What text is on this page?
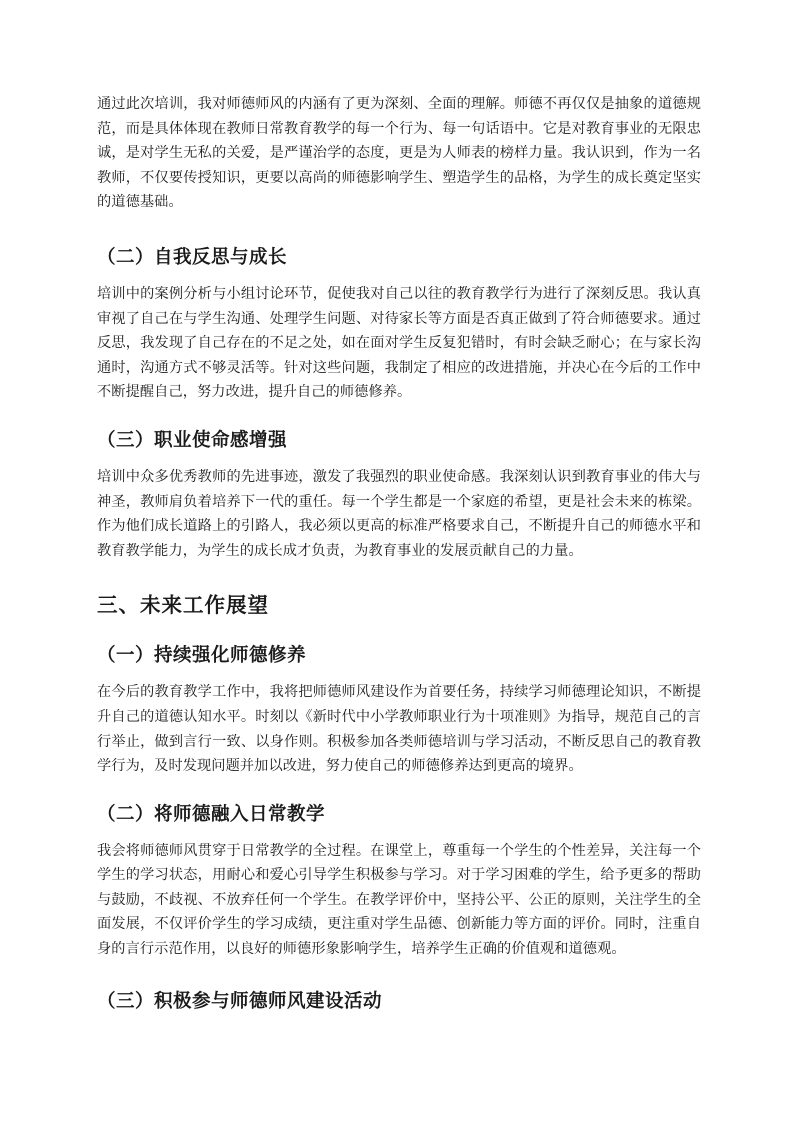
通过此次培训，我对师德师风的内涵有了更为深刻、全面的理解。师德不再仅仅是抽象的道德规范，而是具体体现在教师日常教育教学的每一个行为、每一句话语中。它是对教育事业的无限忠诚，是对学生无私的关爱，是严谨治学的态度，更是为人师表的榜样力量。我认识到，作为一名教师，不仅要传授知识，更要以高尚的师德影响学生、塑造学生的品格，为学生的成长奠定坚实的道德基础。

（二）自我反思与成长

培训中的案例分析与小组讨论环节，促使我对自己以往的教育教学行为进行了深刻反思。我认真审视了自己在与学生沟通、处理学生问题、对待家长等方面是否真正做到了符合师德要求。通过反思，我发现了自己存在的不足之处，如在面对学生反复犯错时，有时会缺乏耐心；在与家长沟通时，沟通方式不够灵活等。针对这些问题，我制定了相应的改进措施，并决心在今后的工作中不断提醒自己，努力改进，提升自己的师德修养。

（三）职业使命感增强

培训中众多优秀教师的先进事迹，激发了我强烈的职业使命感。我深刻认识到教育事业的伟大与神圣，教师肩负着培养下一代的重任。每一个学生都是一个家庭的希望，更是社会未来的栋梁。作为他们成长道路上的引路人，我必须以更高的标准严格要求自己，不断提升自己的师德水平和教育教学能力，为学生的成长成才负责，为教育事业的发展贡献自己的力量。

三、未来工作展望
（一）持续强化师德修养

在今后的教育教学工作中，我将把师德师风建设作为首要任务，持续学习师德理论知识，不断提升自己的道德认知水平。时刻以《新时代中小学教师职业行为十项准则》为指导，规范自己的言行举止，做到言行一致、以身作则。积极参加各类师德培训与学习活动，不断反思自己的教育教学行为，及时发现问题并加以改进，努力使自己的师德修养达到更高的境界。

（二）将师德融入日常教学

我会将师德师风贯穿于日常教学的全过程。在课堂上，尊重每一个学生的个性差异，关注每一个学生的学习状态，用耐心和爱心引导学生积极参与学习。对于学习困难的学生，给予更多的帮助与鼓励，不歧视、不放弃任何一个学生。在教学评价中，坚持公平、公正的原则，关注学生的全面发展，不仅评价学生的学习成绩，更注重对学生品德、创新能力等方面的评价。同时，注重自身的言行示范作用，以良好的师德形象影响学生，培养学生正确的价值观和道德观。

（三）积极参与师德师风建设活动
